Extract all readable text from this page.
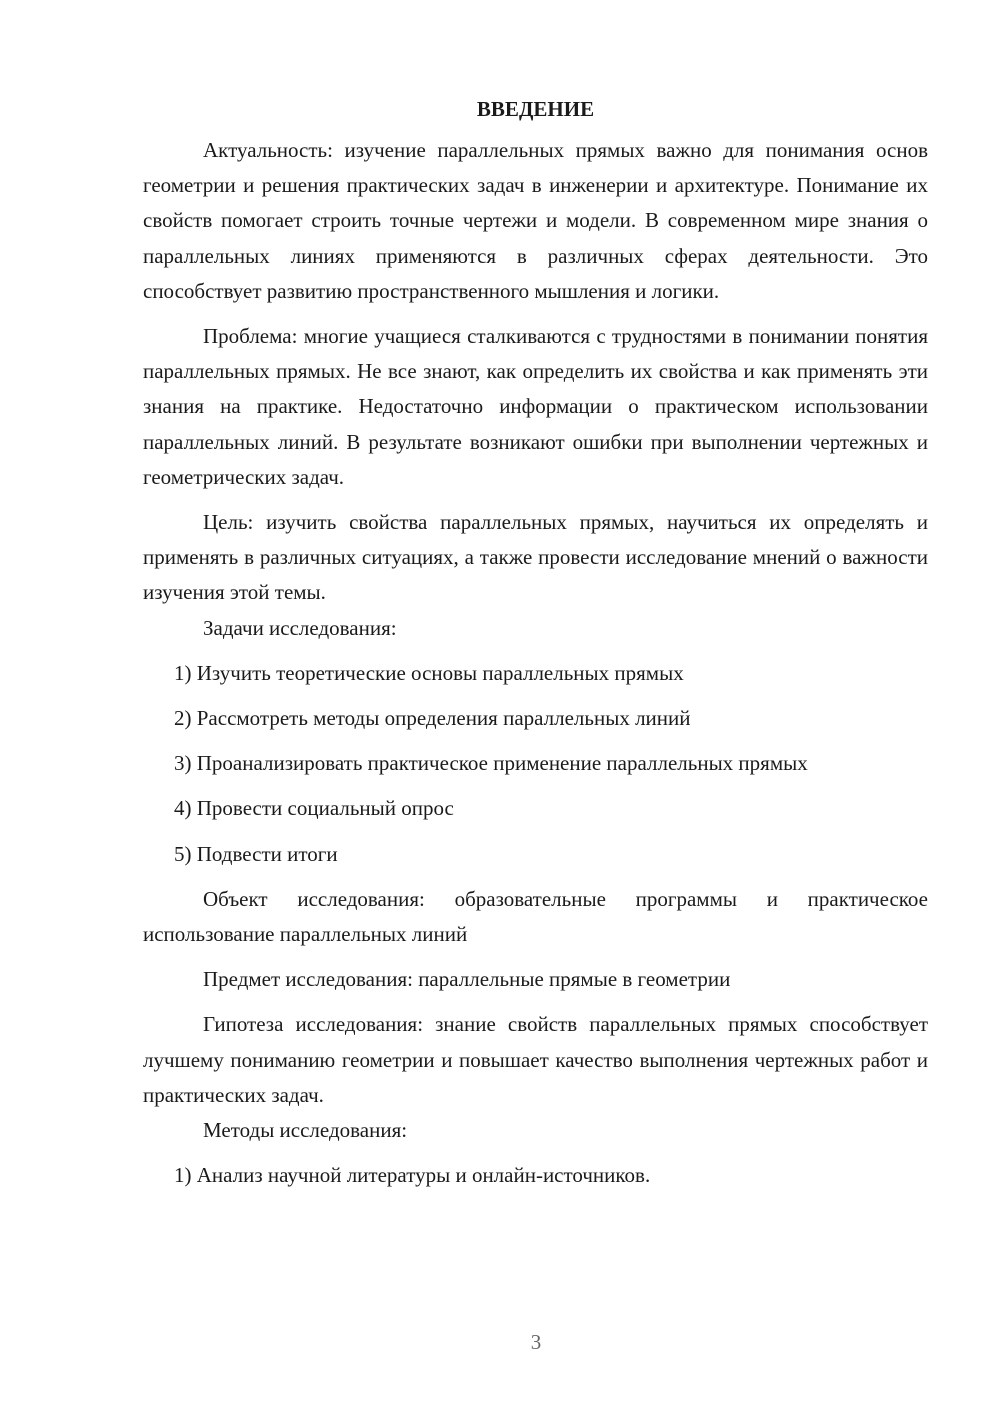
ВВЕДЕНИЕ

Актуальность: изучение параллельных прямых важно для понимания основ геометрии и решения практических задач в инженерии и архитектуре. Понимание их свойств помогает строить точные чертежи и модели. В современном мире знания о параллельных линиях применяются в различных сферах деятельности. Это способствует развитию пространственного мышления и логики.

Проблема: многие учащиеся сталкиваются с трудностями в понимании понятия параллельных прямых. Не все знают, как определить их свойства и как применять эти знания на практике. Недостаточно информации о практическом использовании параллельных линий. В результате возникают ошибки при выполнении чертежных и геометрических задач.

Цель: изучить свойства параллельных прямых, научиться их определять и применять в различных ситуациях, а также провести исследование мнений о важности изучения этой темы.

Задачи исследования:

1) Изучить теоретические основы параллельных прямых

2) Рассмотреть методы определения параллельных линий

3) Проанализировать практическое применение параллельных прямых

4) Провести социальный опрос

5) Подвести итоги

Объект исследования: образовательные программы и практическое использование параллельных линий

Предмет исследования: параллельные прямые в геометрии

Гипотеза исследования: знание свойств параллельных прямых способствует лучшему пониманию геометрии и повышает качество выполнения чертежных работ и практических задач.

Методы исследования:

1) Анализ научной литературы и онлайн-источников.

3
